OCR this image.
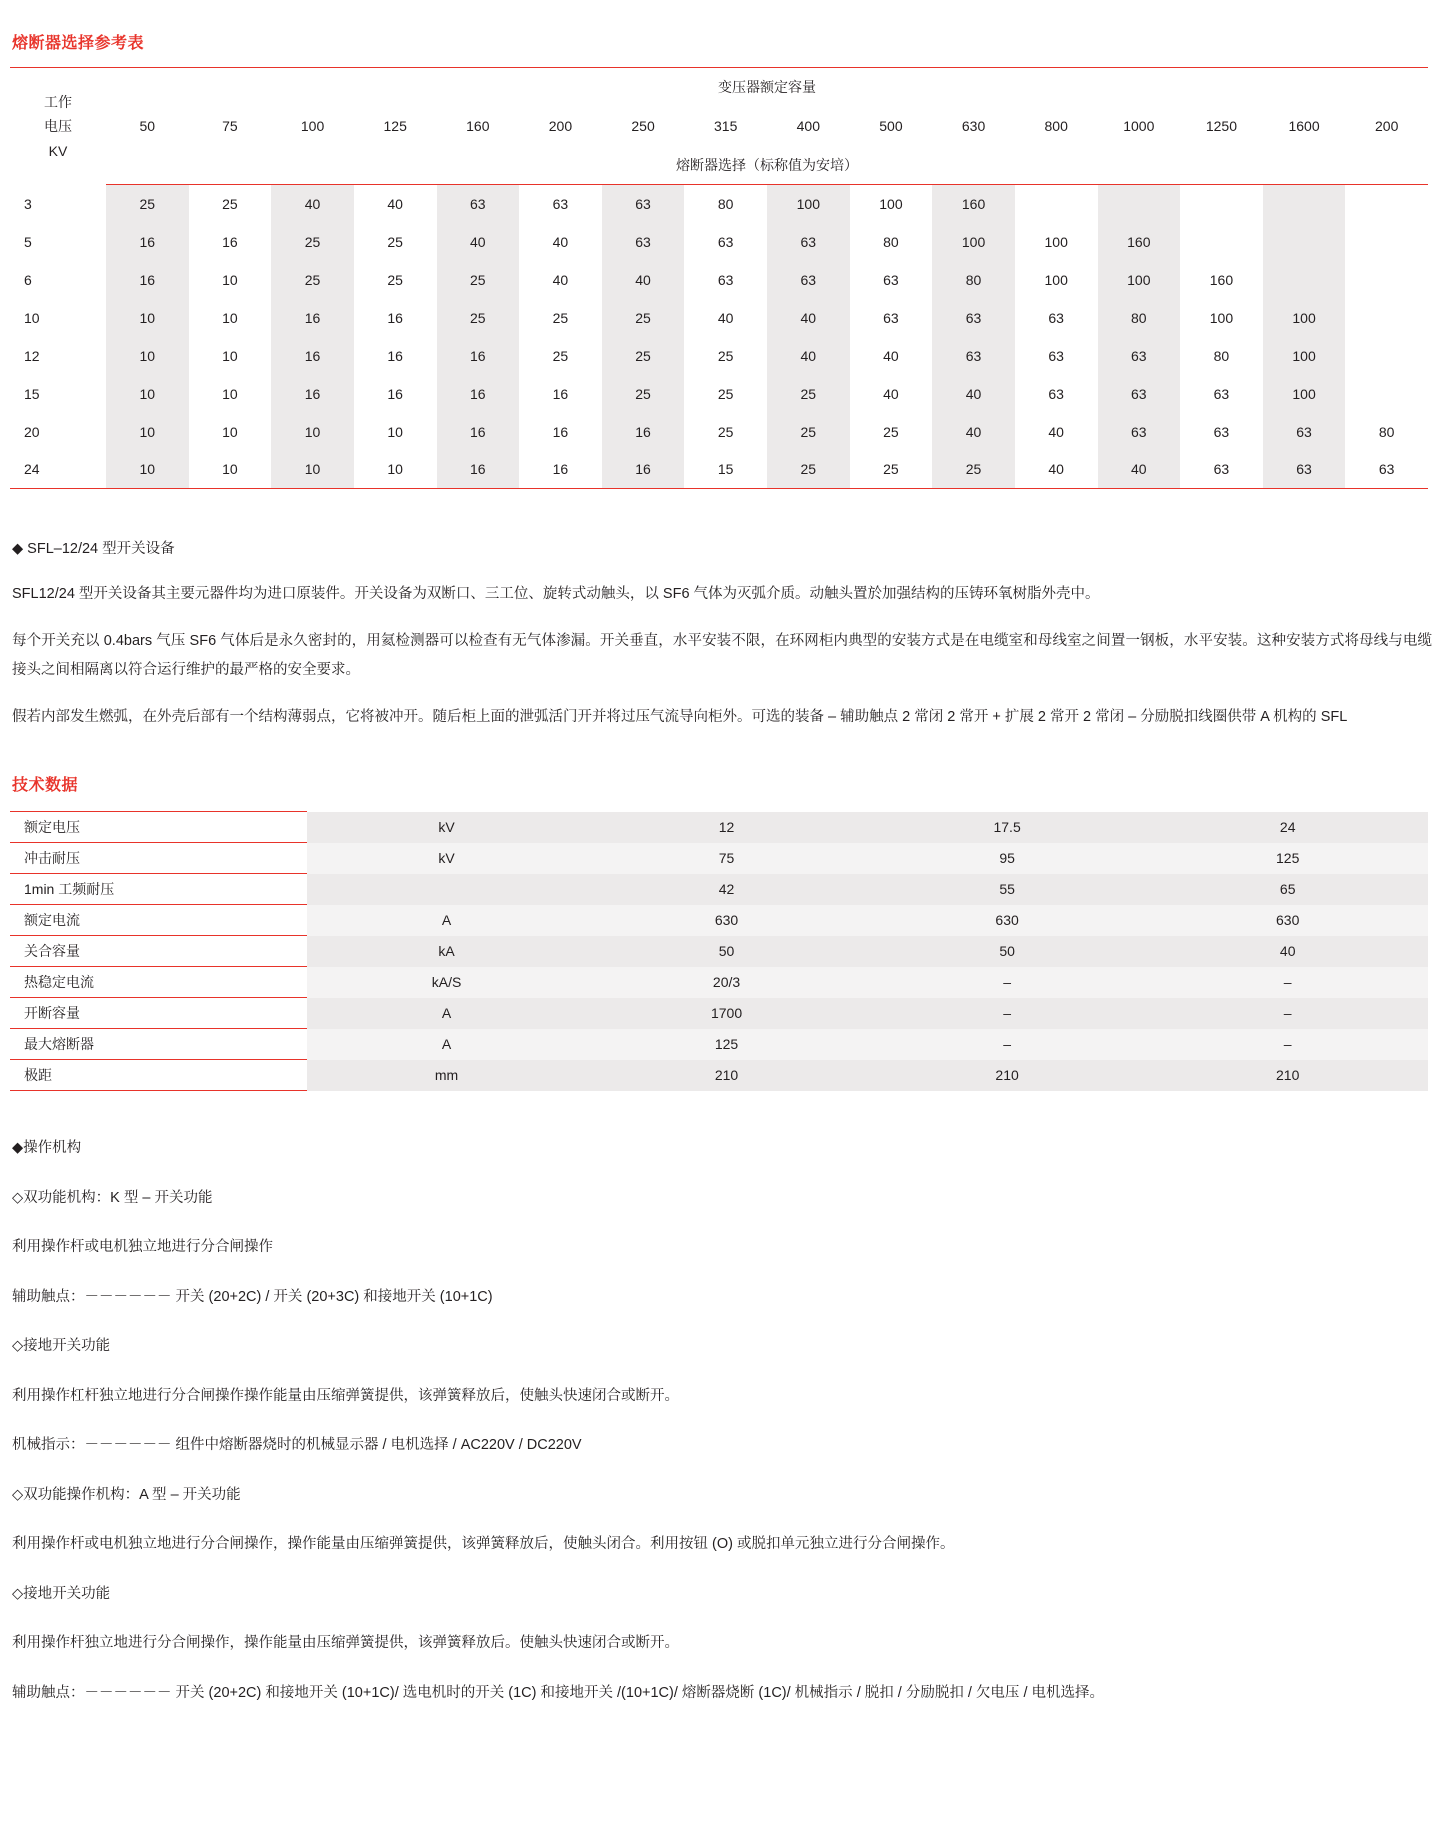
熔断器选择参考表
工作
电压
KV	变压器额定容量															
	50	75	100	125	160	200	250	315	400	500	630	800	1000	1250	1600	200
	熔断器选择（标称值为安培）															
3	25	25	40	40	63	63	63	80	100	100	160					
5	16	16	25	25	40	40	63	63	63	80	100	100	160			
6	16	10	25	25	25	40	40	63	63	63	80	100	100	160		
10	10	10	16	16	25	25	25	40	40	63	63	63	80	100	100	
12	10	10	16	16	16	25	25	25	40	40	63	63	63	80	100	
15	10	10	16	16	16	16	25	25	25	40	40	63	63	63	100	
20	10	10	10	10	16	16	16	25	25	25	40	40	63	63	63	80
24	10	10	10	10	16	16	16	15	25	25	25	40	40	63	63	63
◆ SFL–12/24 型开关设备

SFL12/24 型开关设备其主要元器件均为进口原装件。开关设备为双断口、三工位、旋转式动触头，以 SF6 气体为灭弧介质。动触头置於加强结构的压铸环氧树脂外壳中。

每个开关充以 0.4bars 气压 SF6 气体后是永久密封的，用氦检测器可以检查有无气体渗漏。开关垂直，水平安装不限，在环网柜内典型的安装方式是在电缆室和母线室之间置一钢板，水平安装。这种安装方式将母线与电缆接头之间相隔离以符合运行维护的最严格的安全要求。

假若内部发生燃弧，在外壳后部有一个结构薄弱点，它将被冲开。随后柜上面的泄弧活门开并将过压气流导向柜外。可选的装备 – 辅助触点 2 常闭 2 常开 + 扩展 2 常开 2 常闭 – 分励脱扣线圈供带 A 机构的 SFL

技术数据
额定电压	kV	12	17.5	24
冲击耐压	kV	75	95	125
1min 工频耐压		42	55	65
额定电流	A	630	630	630
关合容量	kA	50	50	40
热稳定电流	kA/S	20/3	–	–
开断容量	A	1700	–	–
最大熔断器	A	125	–	–
极距	mm	210	210	210

◆操作机构

◇双功能机构：K 型 – 开关功能

利用操作杆或电机独立地进行分合闸操作

辅助触点：－－－－－－ 开关 (20+2C) / 开关 (20+3C) 和接地开关 (10+1C)

◇接地开关功能

利用操作杠杆独立地进行分合闸操作操作能量由压缩弹簧提供，该弹簧释放后，使触头快速闭合或断开。

机械指示：－－－－－－ 组件中熔断器烧时的机械显示器 / 电机选择 / AC220V / DC220V

◇双功能操作机构：A 型 – 开关功能

利用操作杆或电机独立地进行分合闸操作，操作能量由压缩弹簧提供，该弹簧释放后，使触头闭合。利用按钮 (O) 或脱扣单元独立进行分合闸操作。

◇接地开关功能

利用操作杆独立地进行分合闸操作，操作能量由压缩弹簧提供，该弹簧释放后。使触头快速闭合或断开。

辅助触点：－－－－－－ 开关 (20+2C) 和接地开关 (10+1C)/ 选电机时的开关 (1C) 和接地开关 /(10+1C)/ 熔断器烧断 (1C)/ 机械指示 / 脱扣 / 分励脱扣 / 欠电压 / 电机选择。
